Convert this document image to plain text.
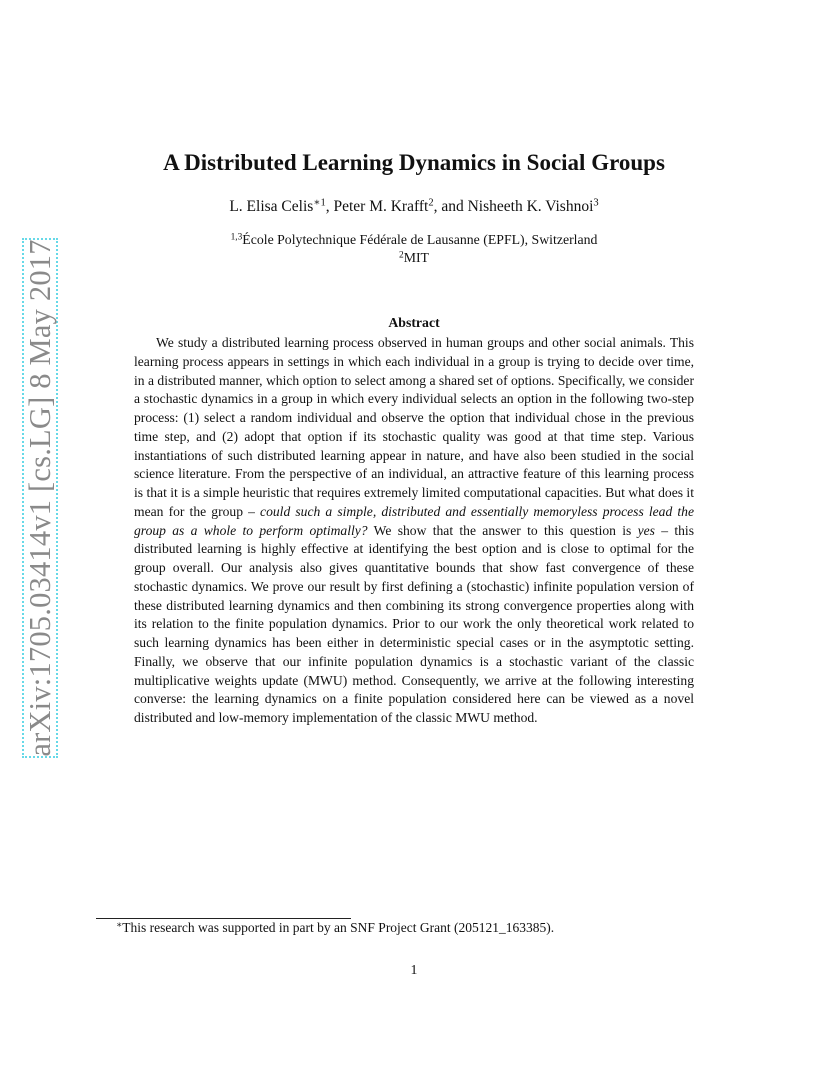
arXiv:1705.03414v1 [cs.LG] 8 May 2017
A Distributed Learning Dynamics in Social Groups
L. Elisa Celis$^{∗1}$, Peter M. Krafft$^2$, and Nisheeth K. Vishnoi$^3$
$^{1,3}$École Polytechnique Fédérale de Lausanne (EPFL), Switzerland
$^2$MIT
Abstract

We study a distributed learning process observed in human groups and other social animals. This learning process appears in settings in which each individual in a group is trying to decide over time, in a distributed manner, which option to select among a shared set of options. Specifically, we consider a stochastic dynamics in a group in which every individual selects an option in the following two-step process: (1) select a random individual and observe the option that individual chose in the previous time step, and (2) adopt that option if its stochastic quality was good at that time step. Various instantiations of such distributed learning appear in nature, and have also been studied in the social science literature. From the perspective of an individual, an attractive feature of this learning process is that it is a simple heuristic that requires extremely limited computational capacities. But what does it mean for the group – could such a simple, distributed and essentially memoryless process lead the group as a whole to perform optimally? We show that the answer to this question is yes – this distributed learning is highly effective at identifying the best option and is close to optimal for the group overall. Our analysis also gives quantitative bounds that show fast convergence of these stochastic dynamics. We prove our result by first defining a (stochastic) infinite population version of these distributed learning dynamics and then combining its strong convergence properties along with its relation to the finite population dynamics. Prior to our work the only theoretical work related to such learning dynamics has been either in deterministic special cases or in the asymptotic setting. Finally, we observe that our infinite population dynamics is a stochastic variant of the classic multiplicative weights update (MWU) method. Consequently, we arrive at the following interesting converse: the learning dynamics on a finite population considered here can be viewed as a novel distributed and low-memory implementation of the classic MWU method.

∗This research was supported in part by an SNF Project Grant (205121_163385).
1
